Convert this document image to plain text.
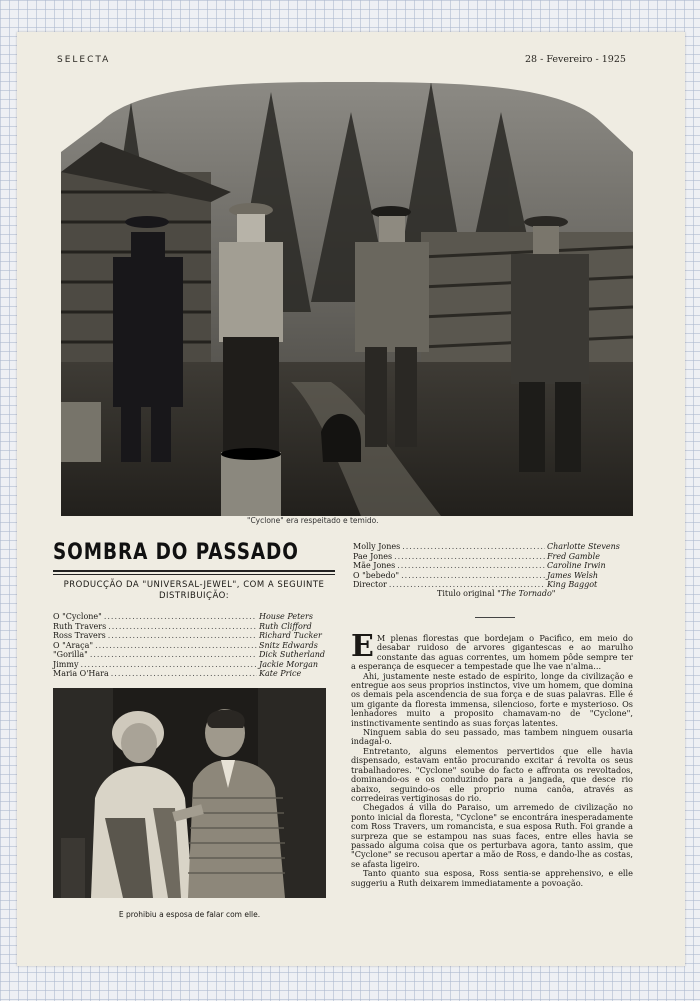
SELECTA	28 - Fevereiro - 1925
"Cyclone" era respeitado e temido.
SOMBRA DO PASSADO
PRODUCÇÃO DA "UNIVERSAL-JEWEL", COM A SEGUINTE DISTRIBUIÇÃO:
O "Cyclone" .....	House Peters
Ruth Travers .....	Ruth Clifford
Ross Travers .....	Richard Tucker
O "Araça" .....	Snitz Edwards
"Gorilla" .....	Dick Sutherland
Jimmy .....	Jackie Morgan
Maria O'Hara .....	Kate Price
Molly Jones .....	Charlotte Stevens
Pae Jones .....	Fred Gamble
Mãe Jones .....	Caroline Irwin
O "bebedo" .....	James Welsh
Director .....	King Baggot
Titulo original "The Tornado"
E prohibiu a esposa de falar com elle.

E M plenas florestas que bordejam o Pacifico, em meio do desabar ruidoso de arvores gigantescas e ao marulho constante das aguas correntes, um homem pôde sempre ter a esperança de esquecer a tempestade que lhe vae n'alma...

Ahi, justamente neste estado de espirito, longe da civilização e entregue aos seus proprios instinctos, vive um homem, que domina os demais pela ascendencia de sua força e de suas palavras. Elle é um gigante da floresta immensa, silencioso, forte e mysterioso. Os lenhadores muito a proposito chamavam-no de "Cyclone", instinctivamente sentindo as suas forças latentes.

Ninguem sabia do seu passado, mas tambem ninguem ousaria indagal-o.

Entretanto, alguns elementos pervertidos que elle havia dispensado, estavam então procurando excitar á revolta os seus trabalhadores. "Cyclone" soube do facto e affronta os revoltados, dominando-os e os conduzindo para a jangada, que desce rio abaixo, seguindo-os elle proprio numa canôa, através as corredeiras vertiginosas do rio.

Chegados á villa do Paraiso, um arremedo de civilização no ponto inicial da floresta, "Cyclone" se encontrára inesperadamente com Ross Travers, um romancista, e sua esposa Ruth. Foi grande a surpreza que se estampou nas suas faces, entre elles havia se passado alguma coisa que os perturbava agora, tanto assim, que "Cyclone" se recusou apertar a mão de Ross, e dando-lhe as costas, se afasta ligeiro.

Tanto quanto sua esposa, Ross sentia-se apprehensivo, e elle suggeriu a Ruth deixarem immediatamente a povoação.
